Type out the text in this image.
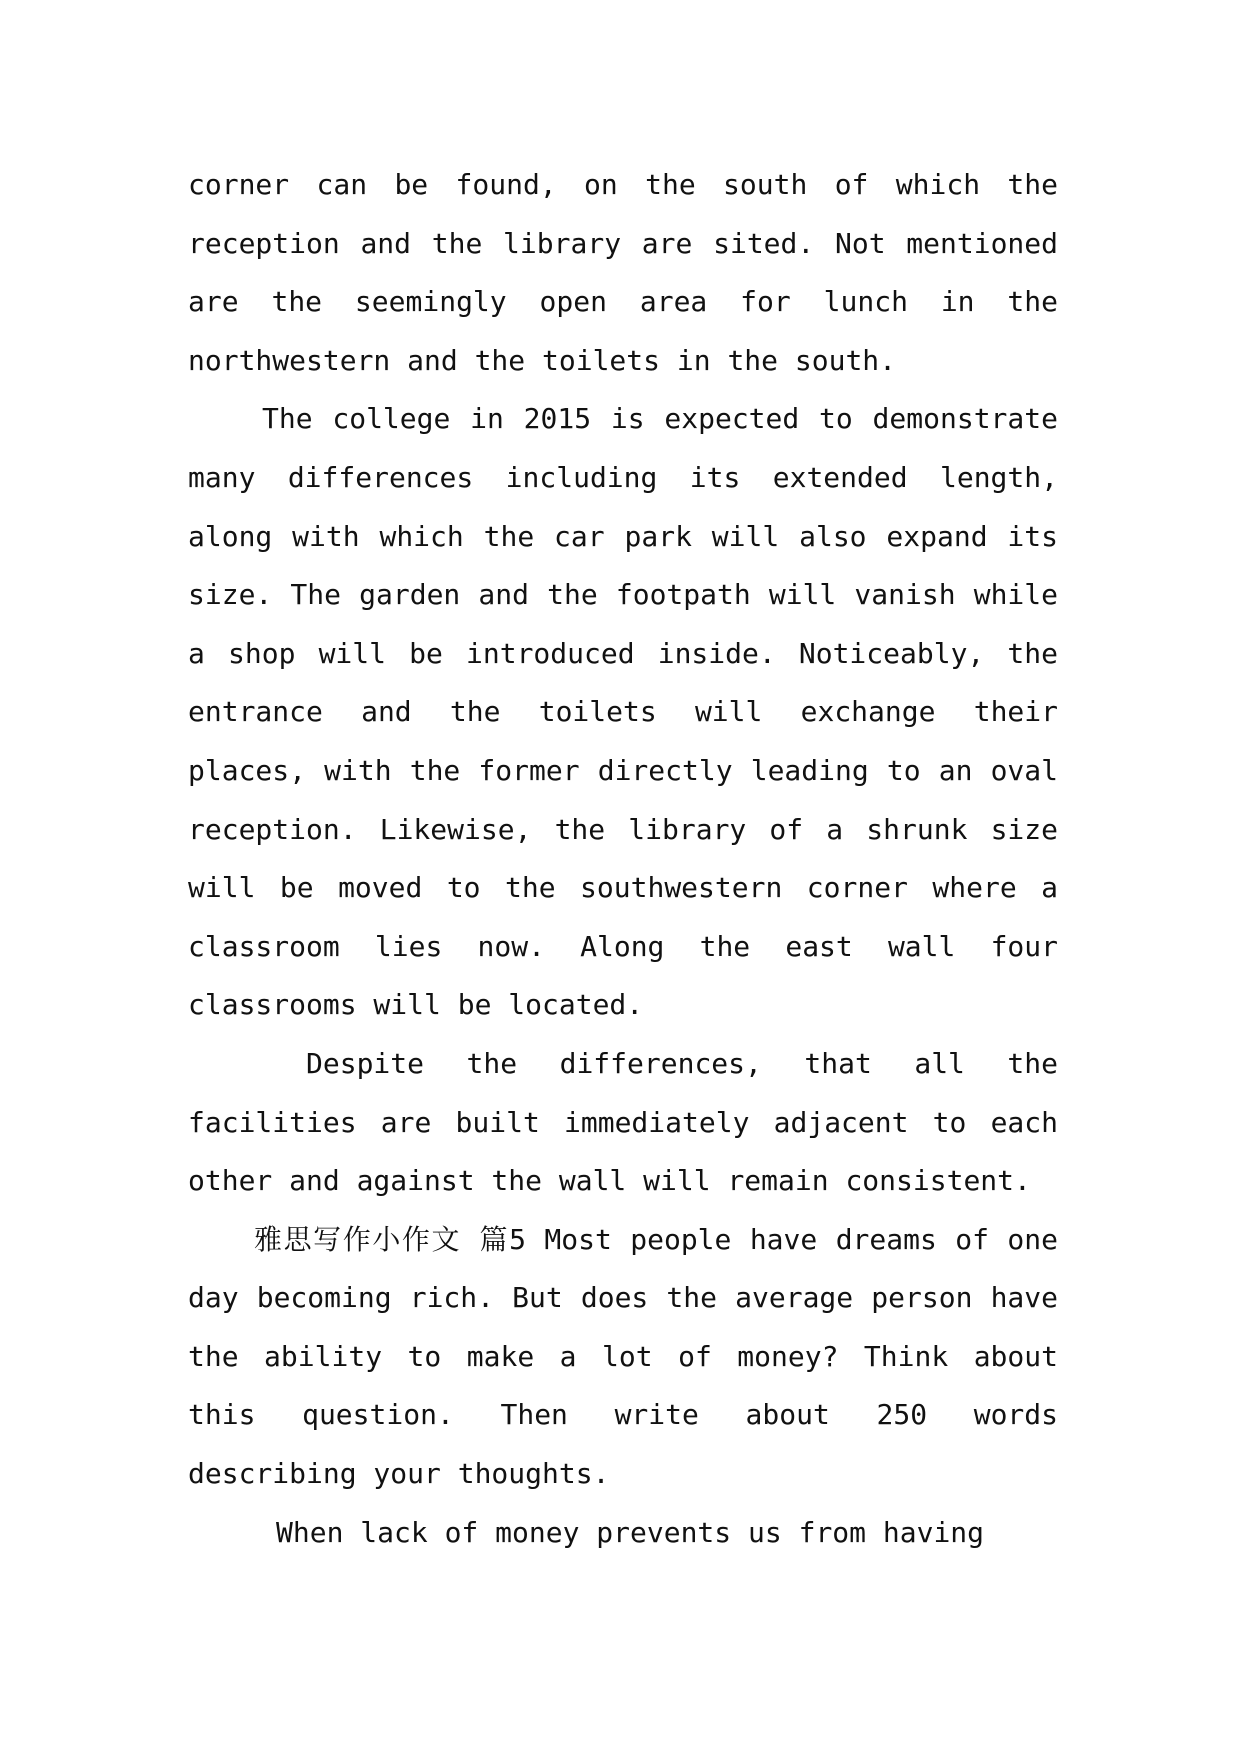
corner can be found, on the south of which the reception and the library are sited. Not mentioned are the seemingly open area for lunch in the northwestern and the toilets in the south.

The college in 2015 is expected to demonstrate many differences including its extended length, along with which the car park will also expand its size. The garden and the footpath will vanish while a shop will be introduced inside. Noticeably, the entrance and the toilets will exchange their places, with the former directly leading to an oval reception. Likewise, the library of a shrunk size will be moved to the southwestern corner where a classroom lies now. Along the east wall four classrooms will be located.

Despite the differences, that all the facilities are built immediately adjacent to each other and against the wall will remain consistent.

雅思写作小作文 篇5 Most people have dreams of one day becoming rich. But does the average person have the ability to make a lot of money? Think about this question. Then write about 250 words describing your thoughts.

When lack of money prevents us from having
